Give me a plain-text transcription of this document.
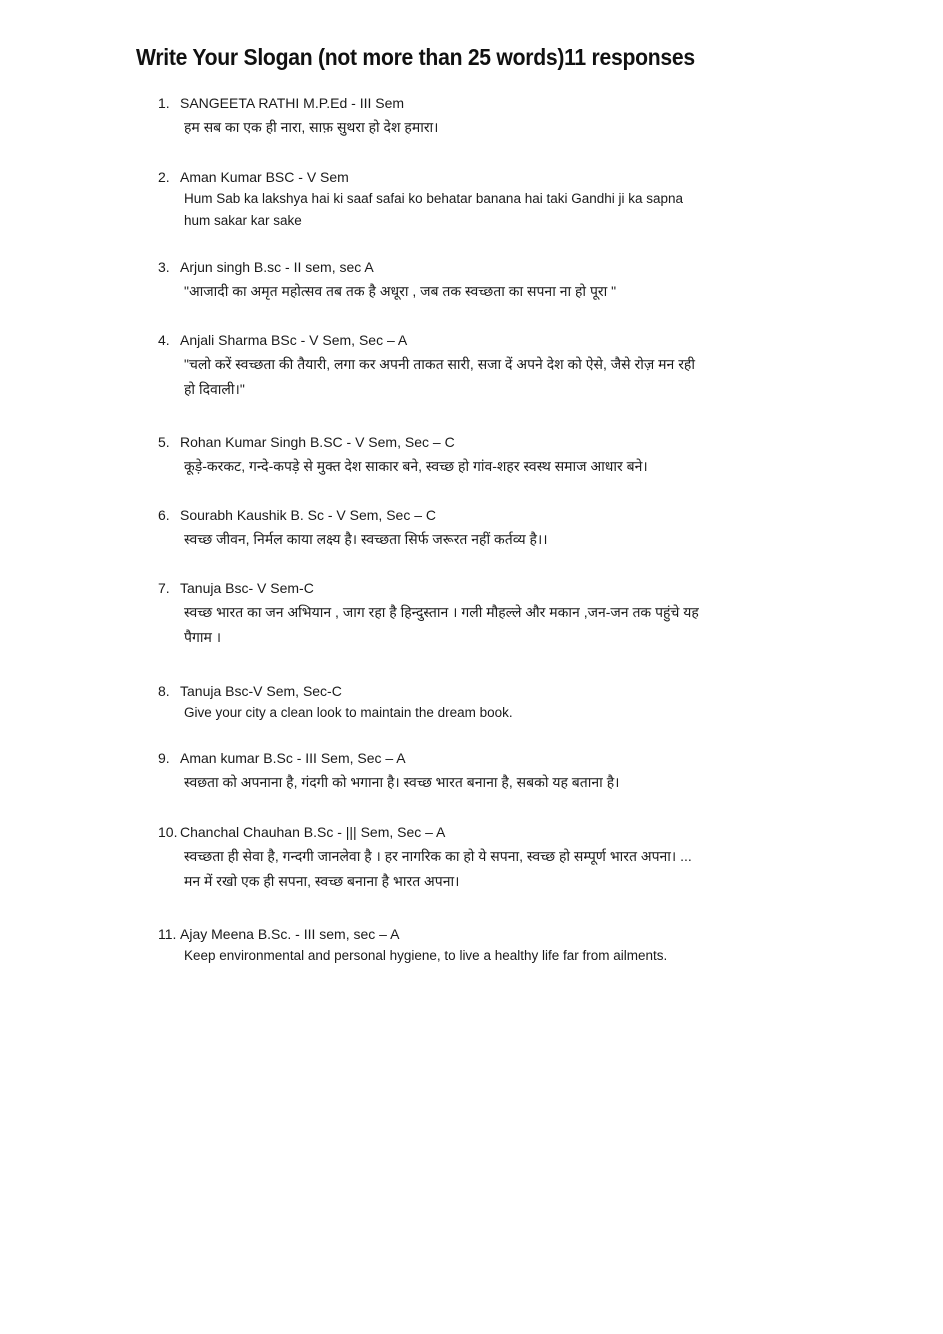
Write Your Slogan (not more than 25 words)11 responses
1. SANGEETA RATHI M.P.Ed - III Sem
हम सब का एक ही नारा, साफ़ सुथरा हो देश हमारा।
2. Aman Kumar BSC - V Sem
Hum Sab ka lakshya hai ki saaf safai ko behatar banana hai taki Gandhi ji ka sapna hum sakar kar sake
3. Arjun singh B.sc - II sem, sec A
"आजादी का अमृत महोत्सव तब तक है अधूरा , जब तक स्वच्छता का सपना ना हो पूरा "
4. Anjali Sharma BSc - V Sem, Sec – A
"चलो करें स्वच्छता की तैयारी, लगा कर अपनी ताकत सारी, सजा दें अपने देश को ऐसे, जैसे रोज़ मन रही हो दिवाली।"
5. Rohan Kumar Singh B.SC - V Sem, Sec – C
कूड़े-करकट, गन्दे-कपड़े से मुक्त देश साकार बने, स्वच्छ हो गांव-शहर स्वस्थ समाज आधार बने।
6. Sourabh Kaushik B. Sc - V Sem, Sec – C
स्वच्छ जीवन, निर्मल काया लक्ष्य है। स्वच्छता सिर्फ जरूरत नहीं कर्तव्य है।।
7. Tanuja Bsc- V Sem-C
स्वच्छ भारत का जन अभियान , जाग रहा है हिन्दुस्तान । गली मौहल्ले और मकान ,जन-जन तक पहुंचे यह पैगाम ।
8. Tanuja Bsc-V Sem, Sec-C
Give your city a clean look to maintain the dream book.
9. Aman kumar B.Sc - III Sem, Sec – A
स्वछता को अपनाना है, गंदगी को भगाना है। स्वच्छ भारत बनाना है, सबको यह बताना है।
10. Chanchal Chauhan B.Sc - ||| Sem, Sec – A
स्वच्छता ही सेवा है, गन्दगी जानलेवा है । हर नागरिक का हो ये सपना, स्वच्छ हो सम्पूर्ण भारत अपना। ... मन में रखो एक ही सपना, स्वच्छ बनाना है भारत अपना।
11. Ajay Meena B.Sc. - III sem, sec – A
Keep environmental and personal hygiene, to live a healthy life far from ailments.
